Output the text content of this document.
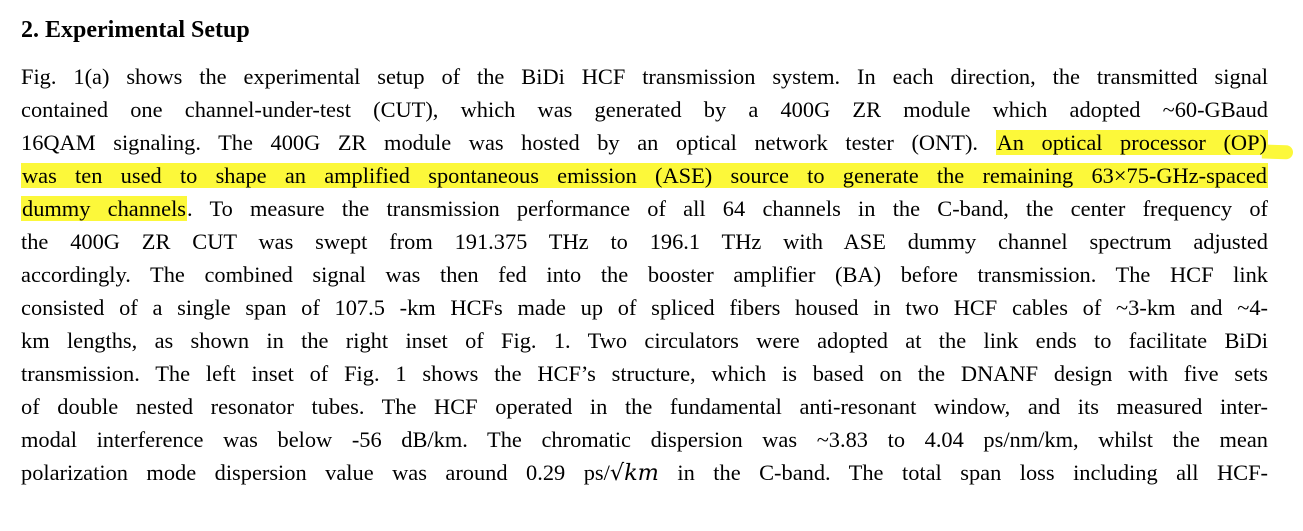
2. Experimental Setup
Fig. 1(a) shows the experimental setup of the BiDi HCF transmission system. In each direction, the transmitted signal
contained one channel-under-test (CUT), which was generated by a 400G ZR module which adopted ~60-GBaud
16QAM signaling. The 400G ZR module was hosted by an optical network tester (ONT). An optical processor (OP)
was ten used to shape an amplified spontaneous emission (ASE) source to generate the remaining 63×75-GHz-spaced
dummy channels. To measure the transmission performance of all 64 channels in the C-band, the center frequency of
the 400G ZR CUT was swept from 191.375 THz to 196.1 THz with ASE dummy channel spectrum adjusted
accordingly. The combined signal was then fed into the booster amplifier (BA) before transmission. The HCF link
consisted of a single span of 107.5 -km HCFs made up of spliced fibers housed in two HCF cables of ~3-km and ~4-
km lengths, as shown in the right inset of Fig. 1. Two circulators were adopted at the link ends to facilitate BiDi
transmission. The left inset of Fig. 1 shows the HCF’s structure, which is based on the DNANF design with five sets
of double nested resonator tubes. The HCF operated in the fundamental anti-resonant window, and its measured inter-
modal interference was below -56 dB/km. The chromatic dispersion was ~3.83 to 4.04 ps/nm/km, whilst the mean
polarization mode dispersion value was around 0.29 ps/√km in the C-band. The total span loss including all HCF-
